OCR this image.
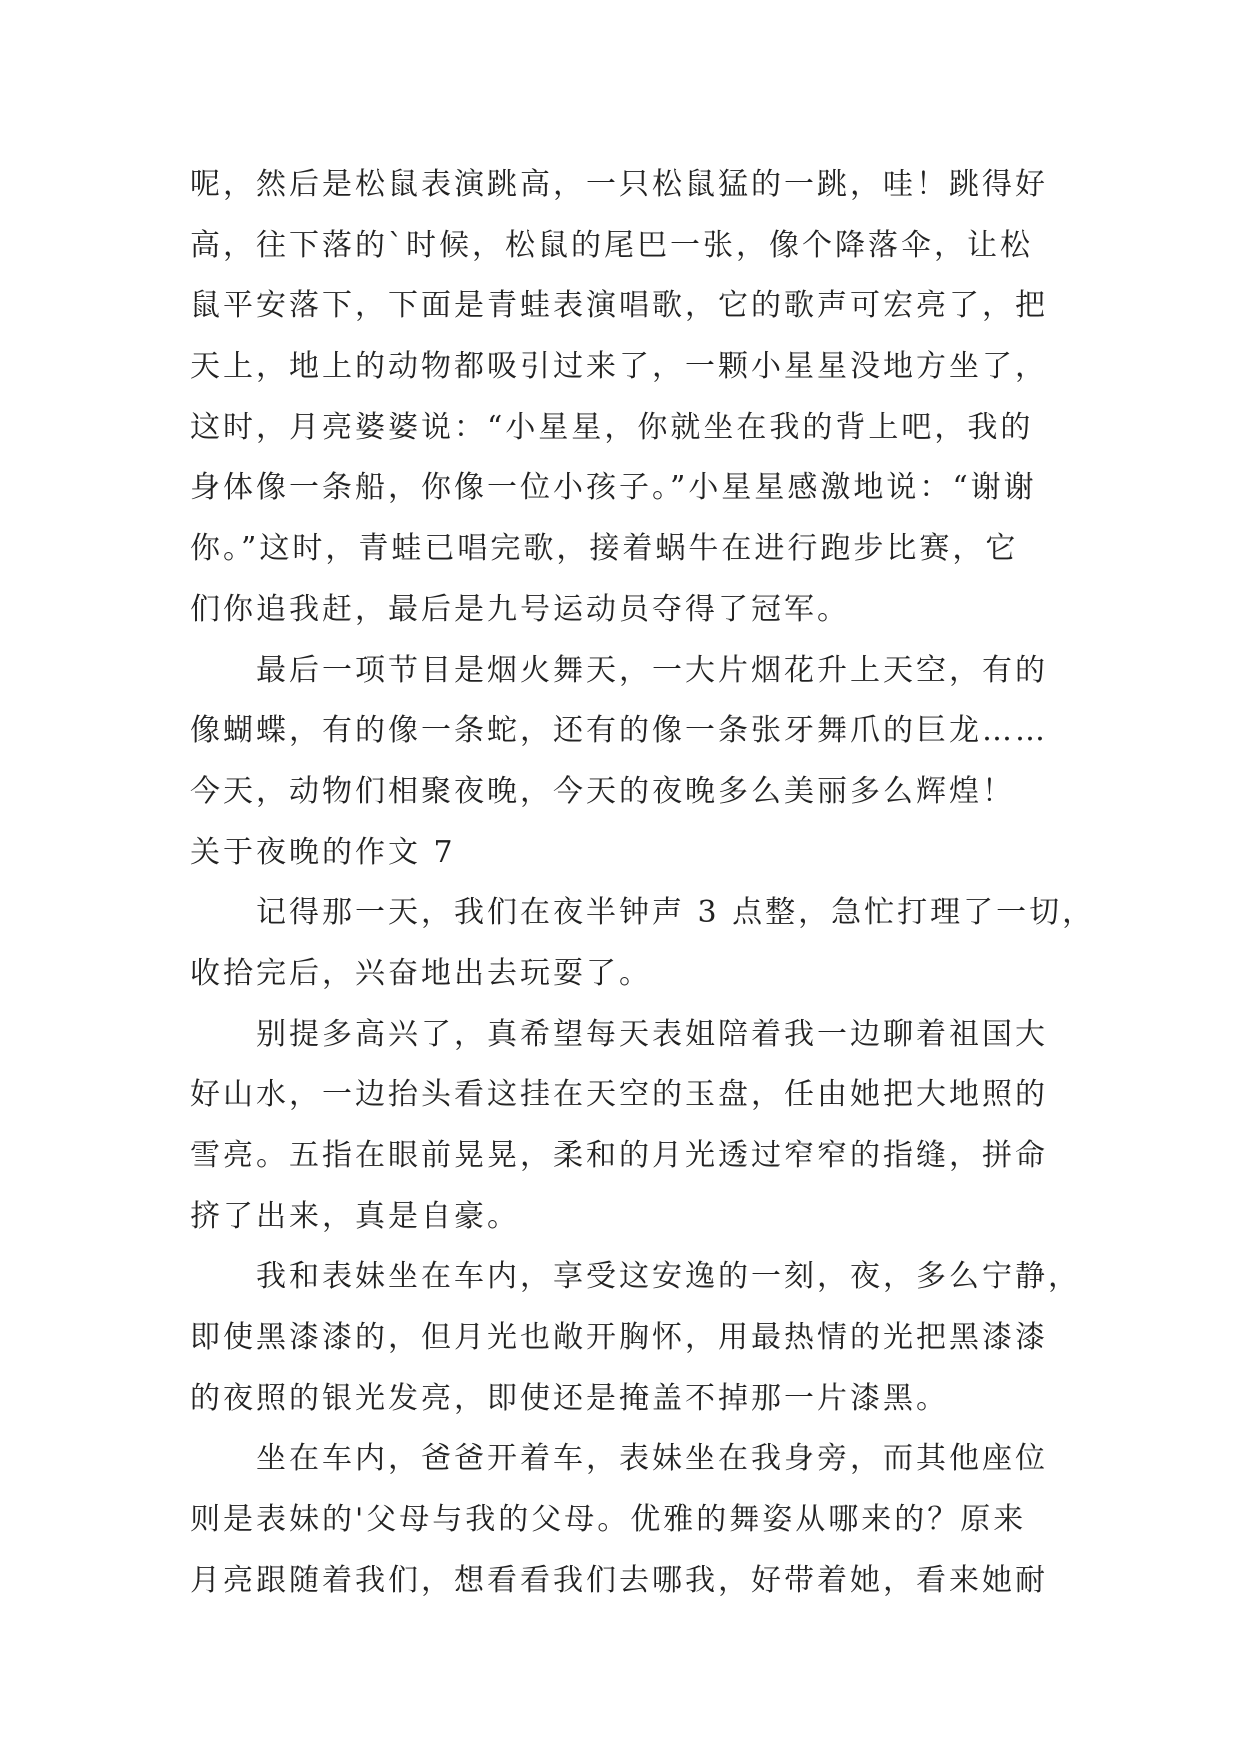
呢，然后是松鼠表演跳高，一只松鼠猛的一跳，哇！跳得好
高，往下落的`时候，松鼠的尾巴一张，像个降落伞，让松
鼠平安落下，下面是青蛙表演唱歌，它的歌声可宏亮了，把
天上，地上的动物都吸引过来了，一颗小星星没地方坐了，
这时，月亮婆婆说：“小星星，你就坐在我的背上吧，我的
身体像一条船，你像一位小孩子。”小星星感激地说：“谢谢
你。”这时，青蛙已唱完歌，接着蜗牛在进行跑步比赛，它
们你追我赶，最后是九号运动员夺得了冠军。
最后一项节目是烟火舞天，一大片烟花升上天空，有的
像蝴蝶，有的像一条蛇，还有的像一条张牙舞爪的巨龙……
今天，动物们相聚夜晚，今天的夜晚多么美丽多么辉煌！
关于夜晚的作文 7
记得那一天，我们在夜半钟声 3 点整，急忙打理了一切，
收拾完后，兴奋地出去玩耍了。
别提多高兴了，真希望每天表姐陪着我一边聊着祖国大
好山水，一边抬头看这挂在天空的玉盘，任由她把大地照的
雪亮。五指在眼前晃晃，柔和的月光透过窄窄的指缝，拼命
挤了出来，真是自豪。
我和表妹坐在车内，享受这安逸的一刻，夜，多么宁静，
即使黑漆漆的，但月光也敞开胸怀，用最热情的光把黑漆漆
的夜照的银光发亮，即使还是掩盖不掉那一片漆黑。
坐在车内，爸爸开着车，表妹坐在我身旁，而其他座位
则是表妹的'父母与我的父母。优雅的舞姿从哪来的？原来
月亮跟随着我们，想看看我们去哪我，好带着她，看来她耐
